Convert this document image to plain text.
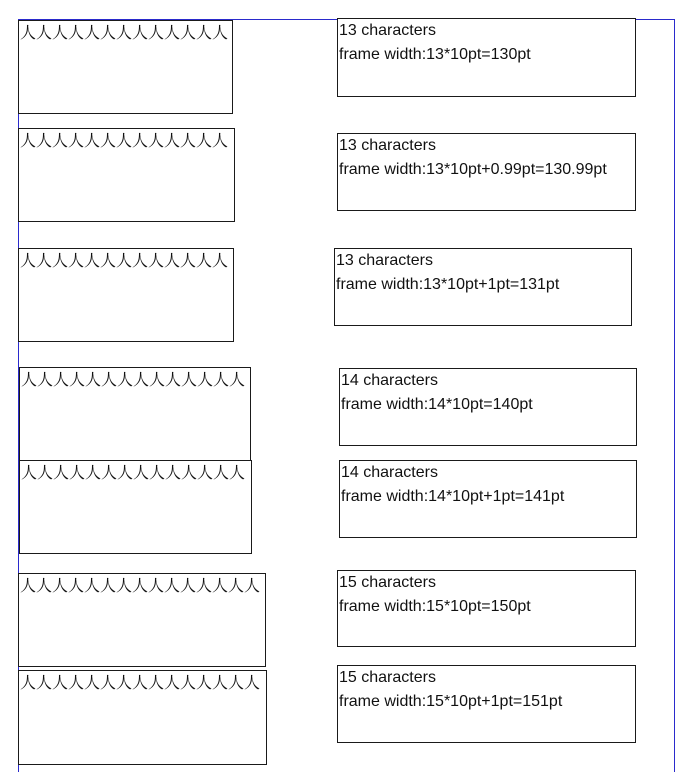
人人人人人人人人人人人人人
人人人人人人人人人人人人人
人人人人人人人人人人人人人
人人人人人人人人人人人人人人
人人人人人人人人人人人人人人
人人人人人人人人人人人人人人人
人人人人人人人人人人人人人人人
13 characters
frame width:13*10pt=130pt
13 characters
frame width:13*10pt+0.99pt=130.99pt
13 characters
frame width:13*10pt+1pt=131pt
14 characters
frame width:14*10pt=140pt
14 characters
frame width:14*10pt+1pt=141pt
15 characters
frame width:15*10pt=150pt
15 characters
frame width:15*10pt+1pt=151pt
